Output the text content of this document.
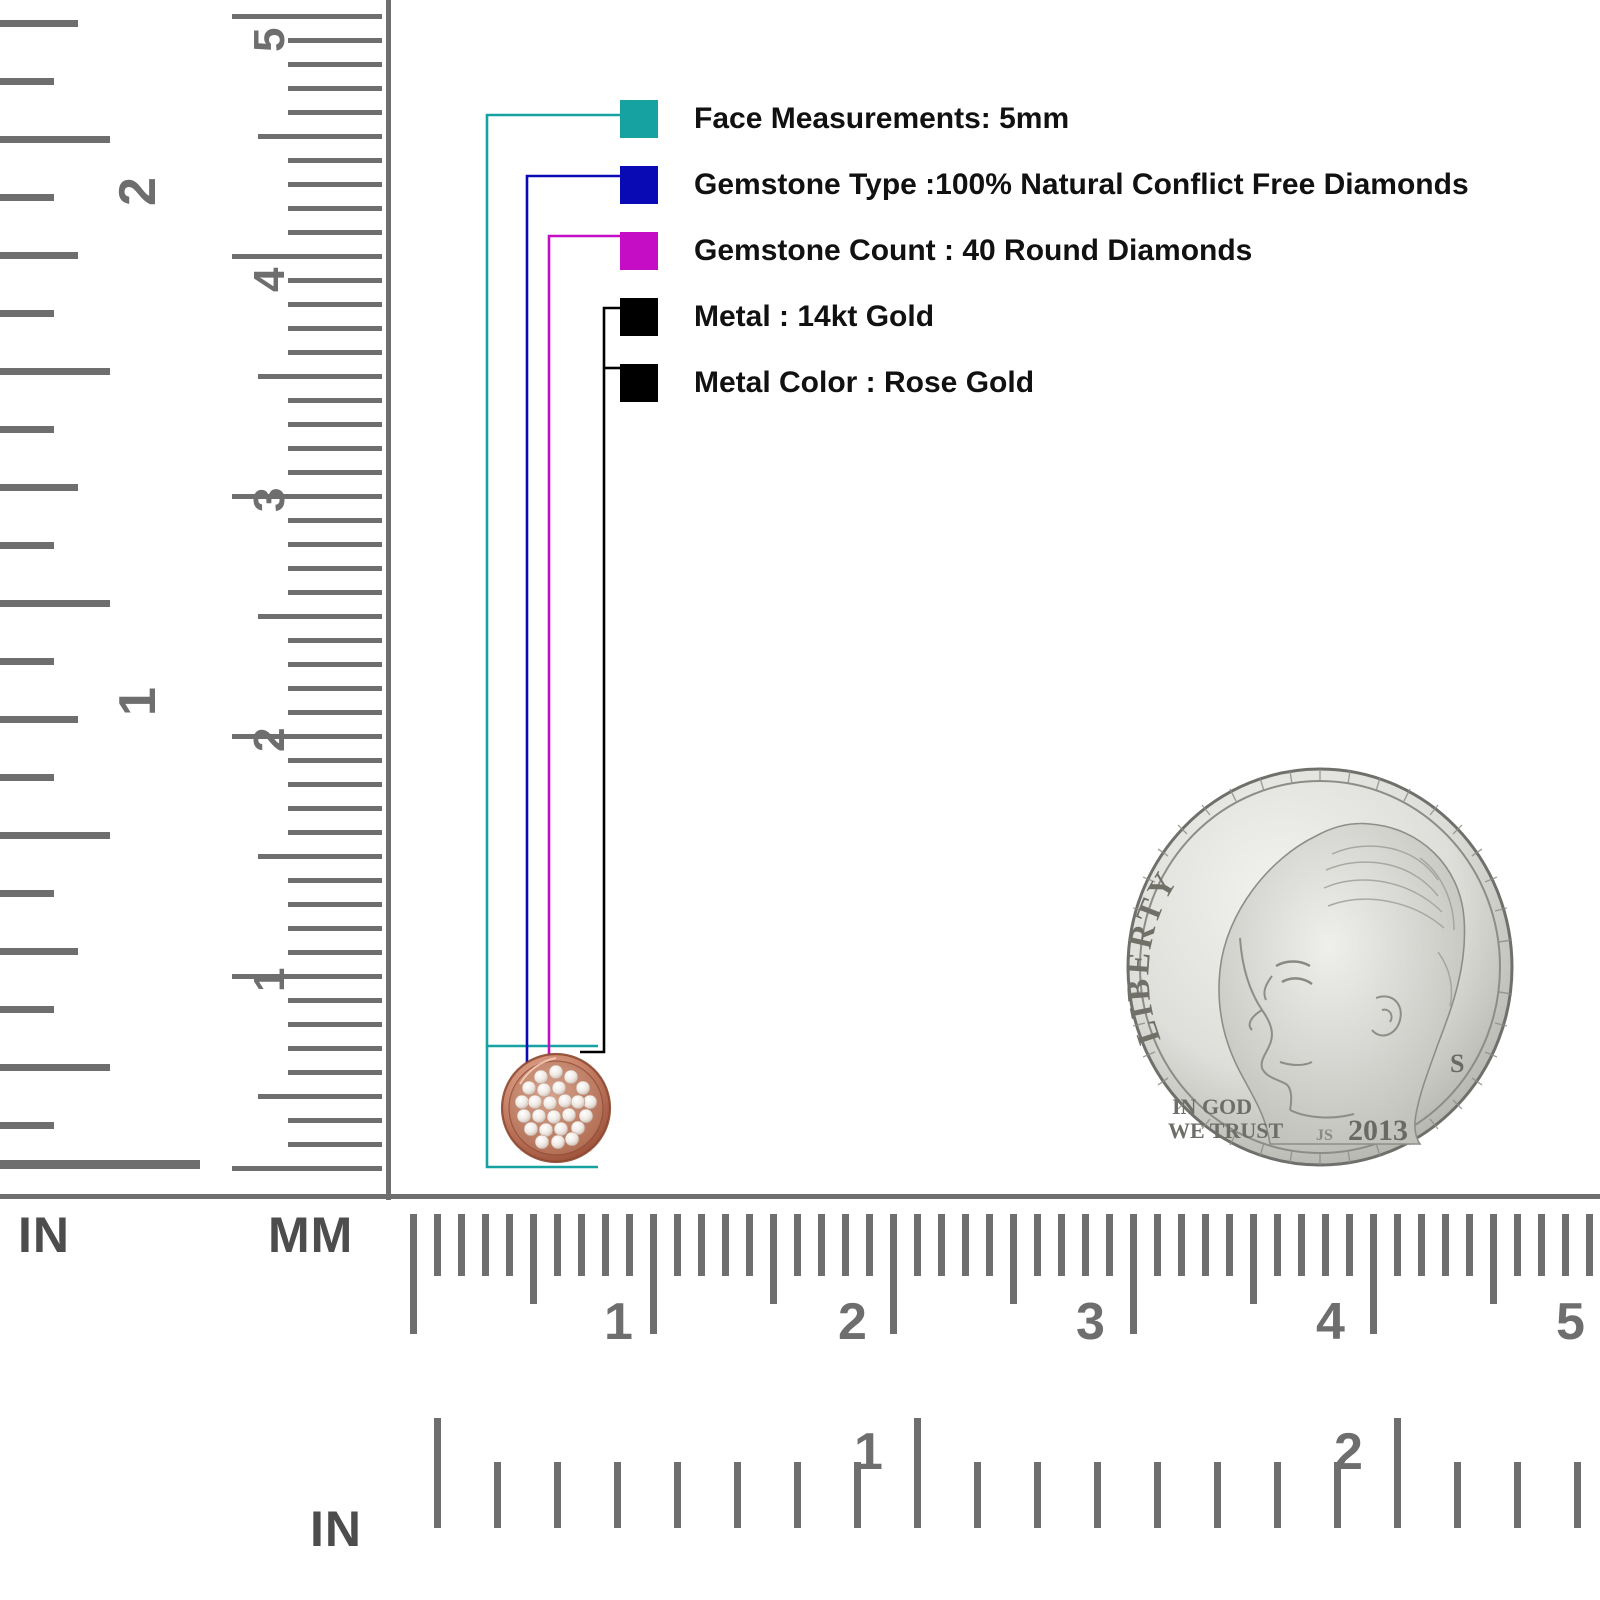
1
2
1
2
3
4
5
IN	MM
IN
1	2	3	4	5
1	2
Face Measurements: 5mm
Gemstone Type :100% Natural Conflict Free Diamonds
Gemstone Count : 40 Round Diamonds
Metal : 14kt Gold
Metal Color : Rose Gold
LIBERTY
IN GOD
WE TRUST JS 2013
S
